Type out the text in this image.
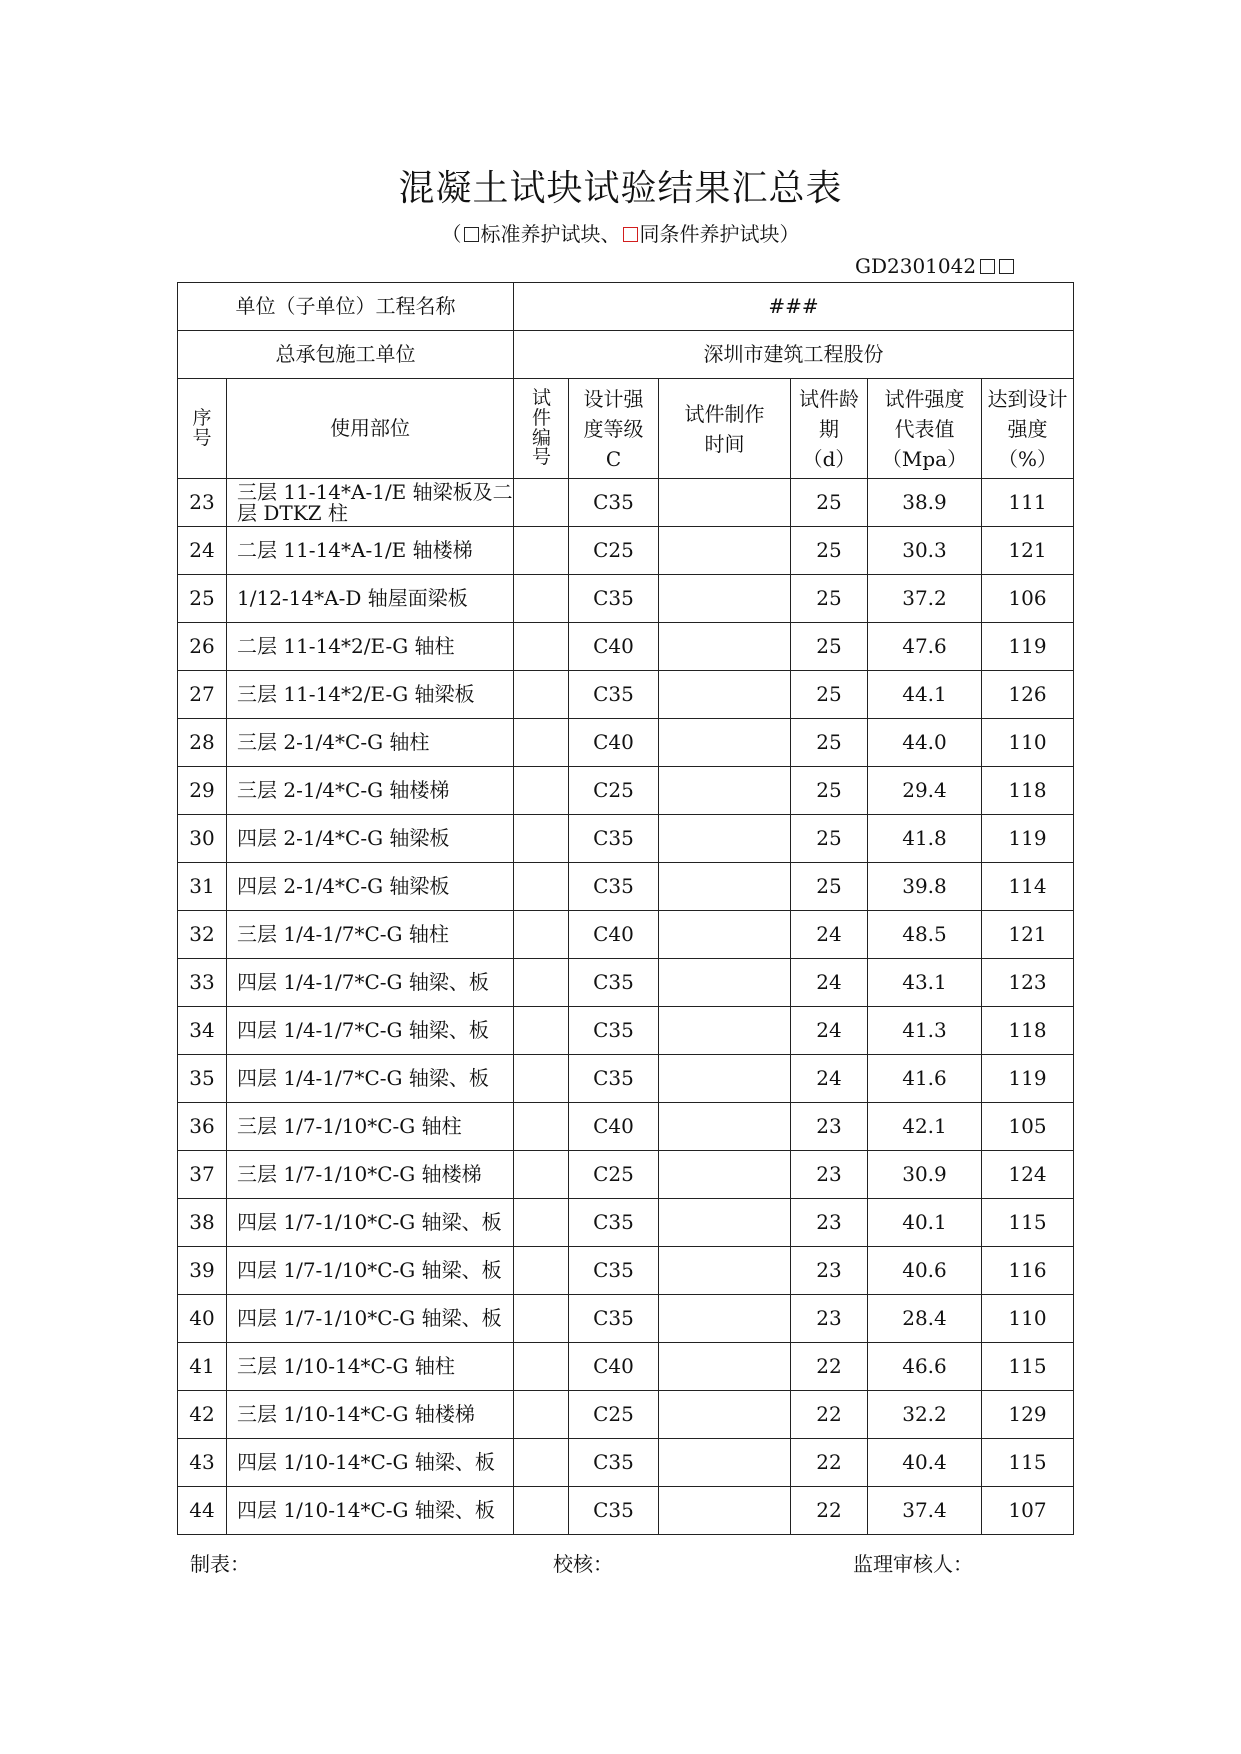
混凝土试块试验结果汇总表
（ 标准养护试块、 同条件养护试块）
GD2301042
单位（子单位）工程名称		###					
总承包施工单位		深圳市建筑工程股份					
序号	使用部位	试件编号	设计强度等级C	试件制作时间	试件龄期（d）	试件强度代表值（Mpa）	达到设计强度（%）
23	三层 11-14*A-1/E 轴梁板及二层 DTKZ 柱		C35		25	38.9	111
24	二层 11-14*A-1/E 轴楼梯		C25		25	30.3	121
25	1/12-14*A-D 轴屋面梁板		C35		25	37.2	106
26	二层 11-14*2/E-G 轴柱		C40		25	47.6	119
27	三层 11-14*2/E-G 轴梁板		C35		25	44.1	126
28	三层 2-1/4*C-G 轴柱		C40		25	44.0	110
29	三层 2-1/4*C-G 轴楼梯		C25		25	29.4	118
30	四层 2-1/4*C-G 轴梁板		C35		25	41.8	119
31	四层 2-1/4*C-G 轴梁板		C35		25	39.8	114
32	三层 1/4-1/7*C-G 轴柱		C40		24	48.5	121
33	四层 1/4-1/7*C-G 轴梁、板		C35		24	43.1	123
34	四层 1/4-1/7*C-G 轴梁、板		C35		24	41.3	118
35	四层 1/4-1/7*C-G 轴梁、板		C35		24	41.6	119
36	三层 1/7-1/10*C-G 轴柱		C40		23	42.1	105
37	三层 1/7-1/10*C-G 轴楼梯		C25		23	30.9	124
38	四层 1/7-1/10*C-G 轴梁、板		C35		23	40.1	115
39	四层 1/7-1/10*C-G 轴梁、板		C35		23	40.6	116
40	四层 1/7-1/10*C-G 轴梁、板		C35		23	28.4	110
41	三层 1/10-14*C-G 轴柱		C40		22	46.6	115
42	三层 1/10-14*C-G 轴楼梯		C25		22	32.2	129
43	四层 1/10-14*C-G 轴梁、板		C35		22	40.4	115
44	四层 1/10-14*C-G 轴梁、板		C35		22	37.4	107
制表：	校核：	监理审核人：
